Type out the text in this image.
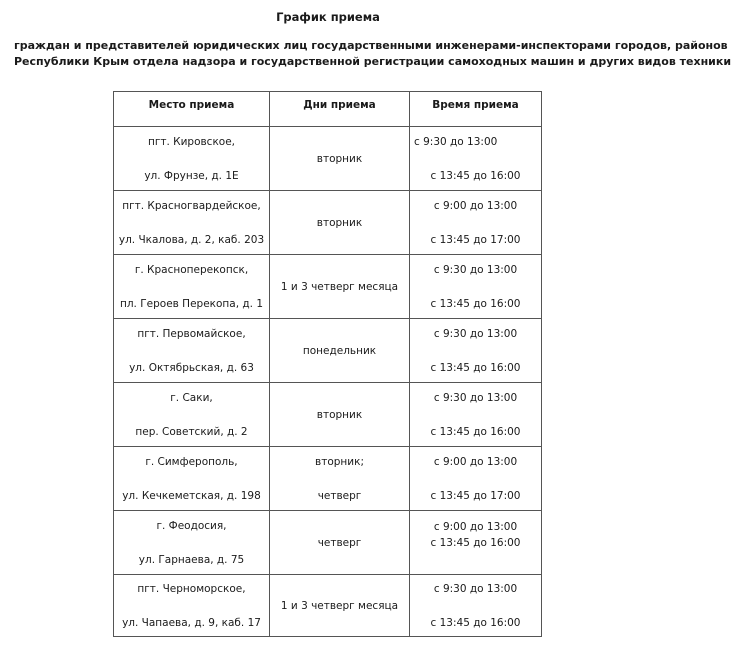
График приема
граждан и представителей юридических лиц государственными инженерами-инспекторами городов, районов
Республики Крым отдела надзора и государственной регистрации самоходных машин и других видов техники
Место приема	Дни приема	Время приема

пгт. Кировское,
ул. Фрунзе, д. 1Е	вторник	с 9:30 до 13:00
с 13:45 до 16:00

пгт. Красногвардейское,
ул. Чкалова, д. 2, каб. 203	вторник	с 9:00 до 13:00
с 13:45 до 17:00

г. Красноперекопск,
пл. Героев Перекопа, д. 1	1 и 3 четверг месяца	с 9:30 до 13:00
с 13:45 до 16:00

пгт. Первомайское,
ул. Октябрьская, д. 63	понедельник	с 9:30 до 13:00
с 13:45 до 16:00

г. Саки,
пер. Советский, д. 2	вторник	с 9:30 до 13:00
с 13:45 до 16:00

г. Симферополь,
ул. Кечкеметская, д. 198	вторник;
четверг	с 9:00 до 13:00
с 13:45 до 17:00

г. Феодосия,
ул. Гарнаева, д. 75	четверг	с 9:00 до 13:00
с 13:45 до 16:00

пгт. Черноморское,
ул. Чапаева, д. 9, каб. 17	1 и 3 четверг месяца	с 9:30 до 13:00
с 13:45 до 16:00
